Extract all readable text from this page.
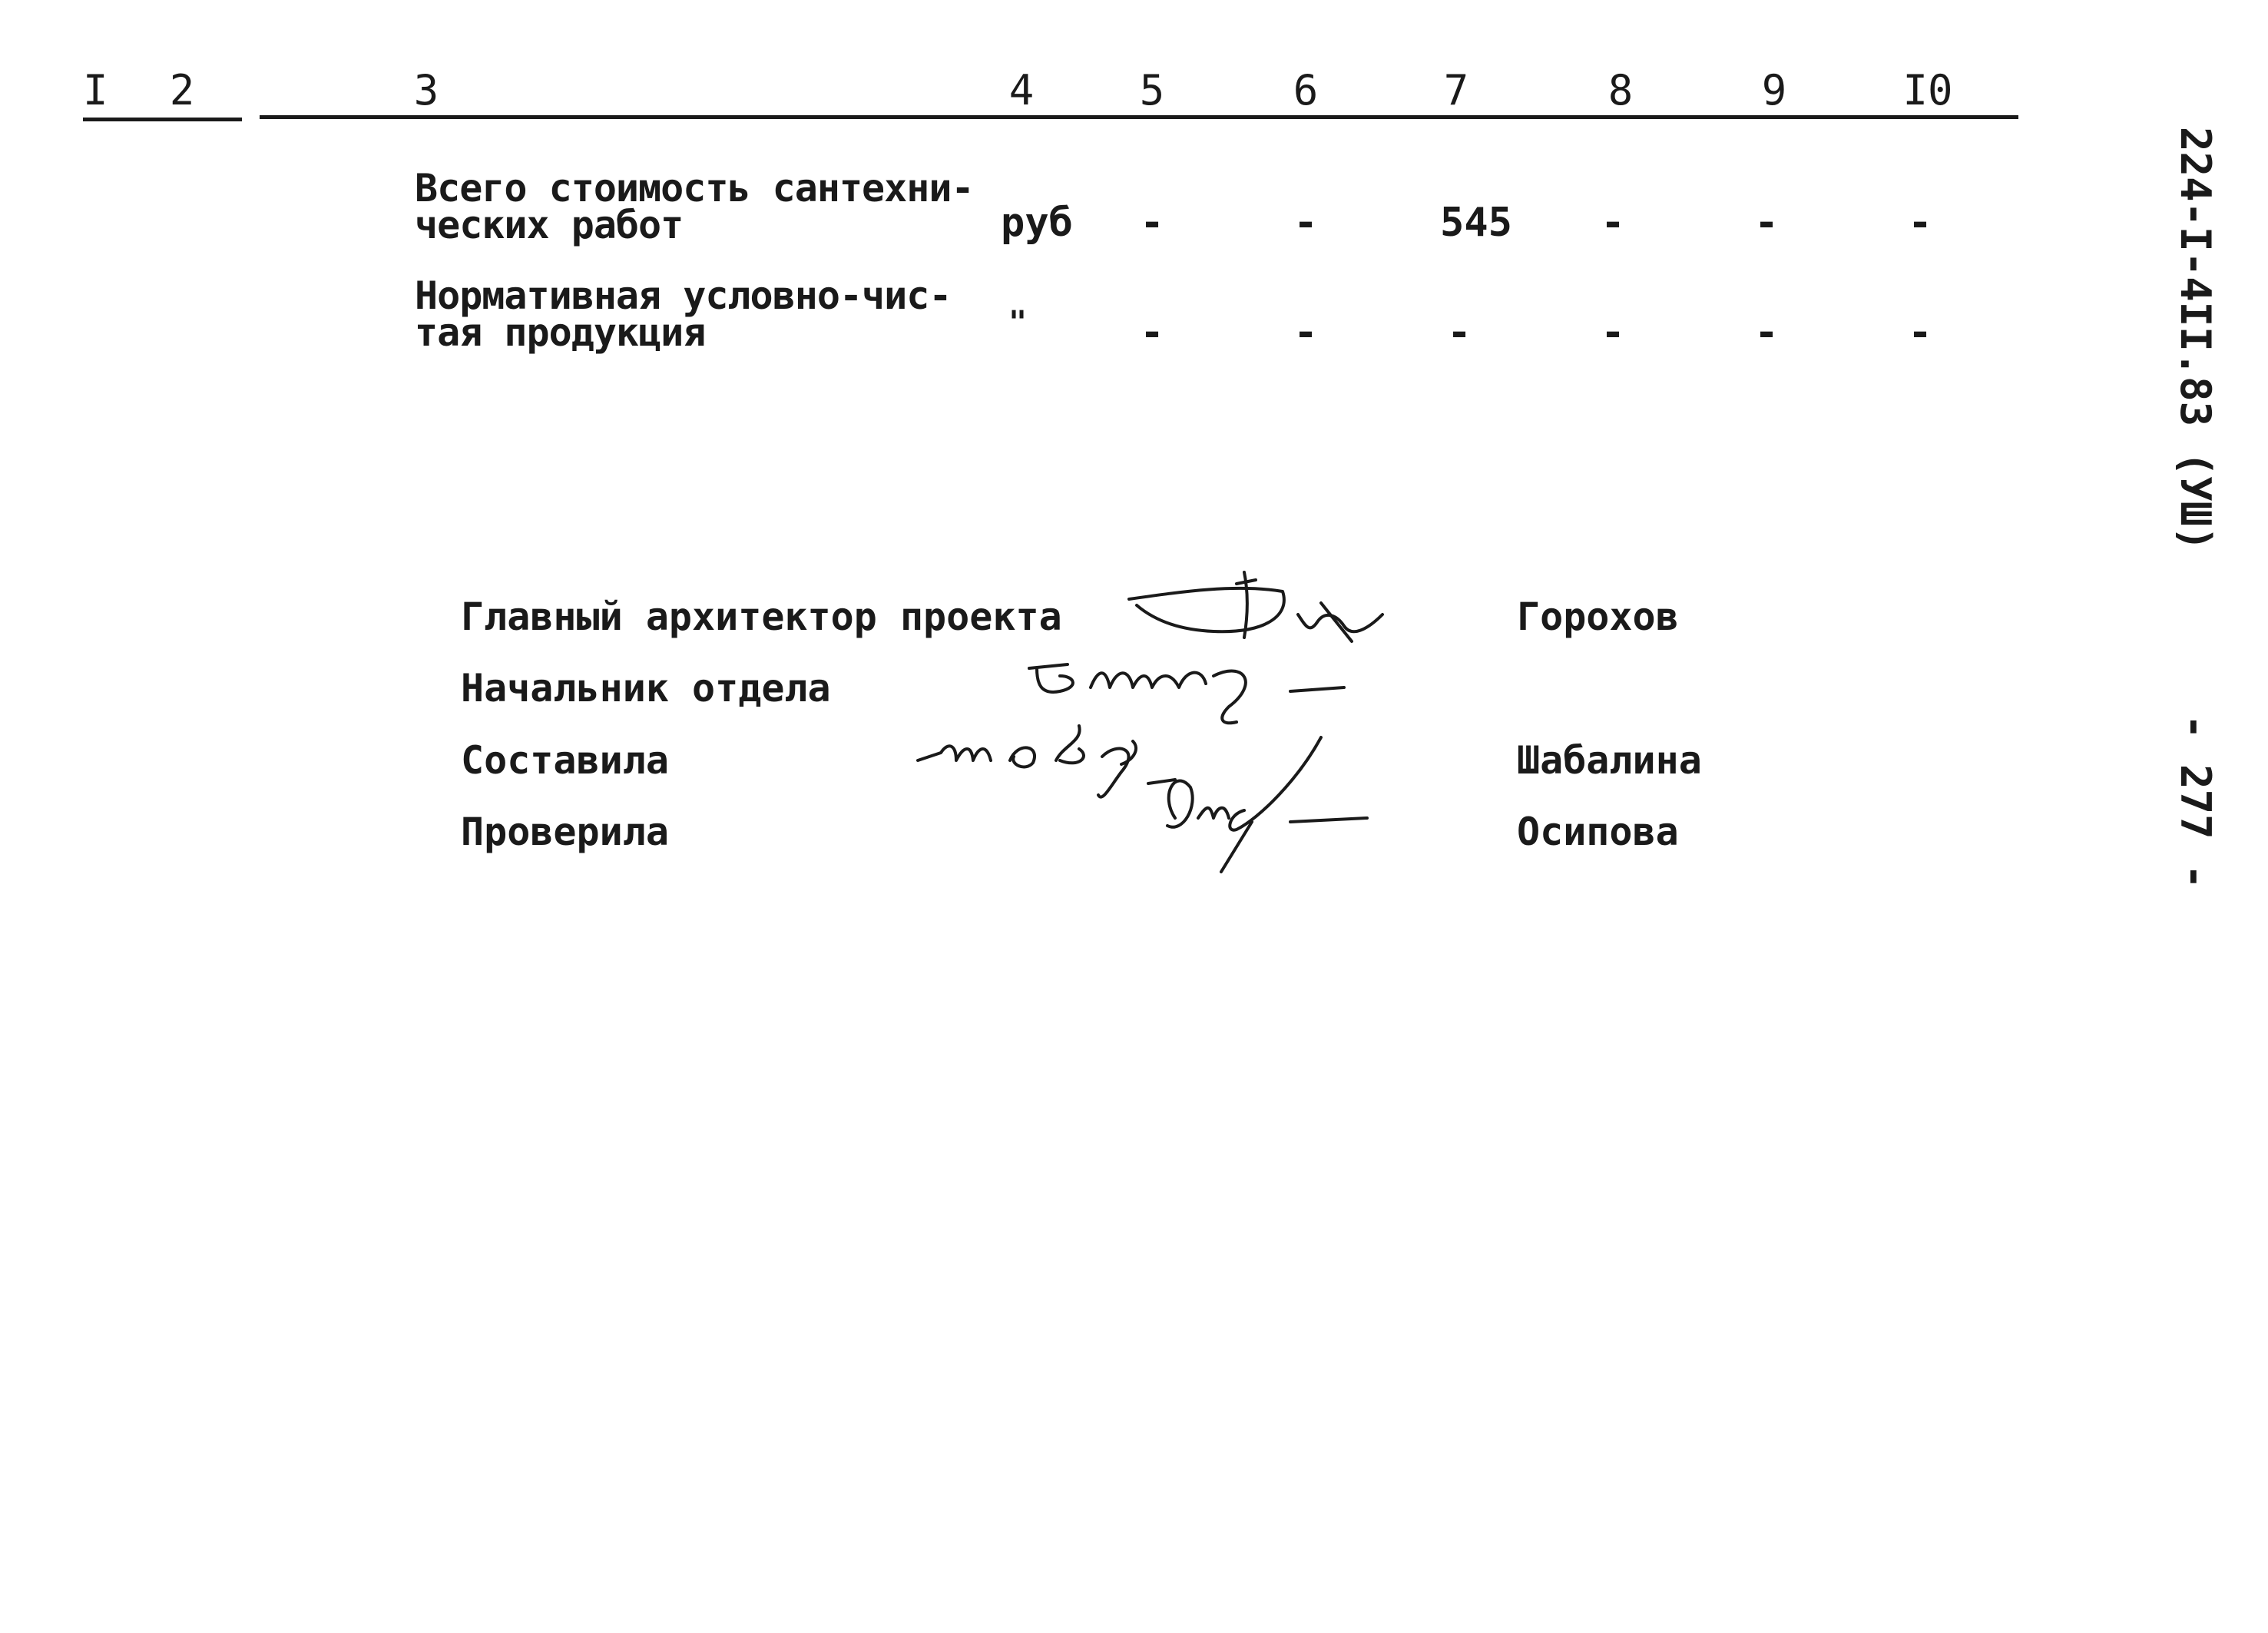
I	2	3	4	5	6	7	8	9	I0
Всего стоимость сантехни-
ческих работ	руб	-	-	545	-	-	-
Нормативная условно-чис-
тая продукция	"	-	-	-	-	-	-
Главный архитектор проекта	Горохов
Начальник отдела
Составила	Шабалина
Проверила	Осипова
224-I-4II.83 (УШ)
- 277 -
